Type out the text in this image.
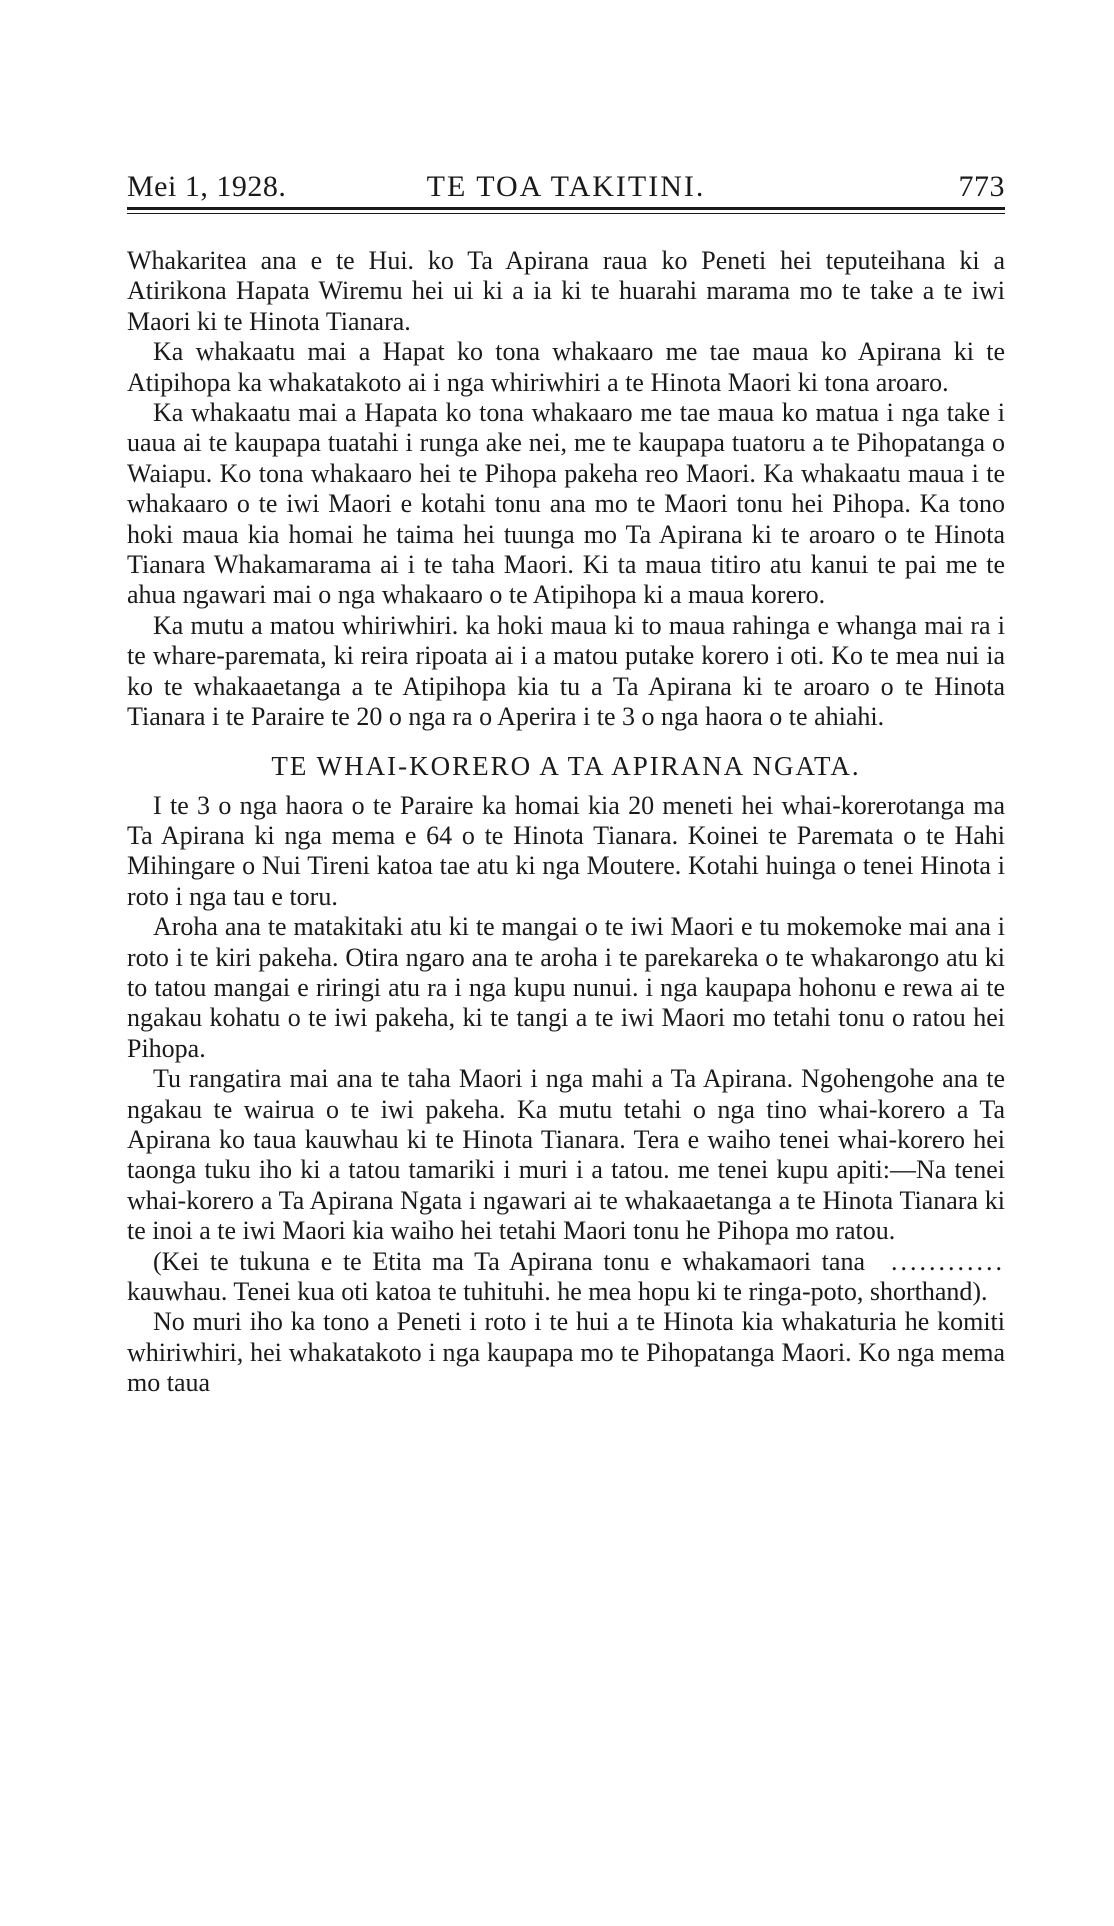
Mei 1, 1928.	TE TOA TAKITINI.	773

Whakaritea ana e te Hui. ko Ta Apirana raua ko Peneti hei teputeihana ki a Atirikona Hapata Wiremu hei ui ki a ia ki te huarahi marama mo te take a te iwi Maori ki te Hinota Tianara.

Ka whakaatu mai a Hapat ko tona whakaaro me tae maua ko Apirana ki te Atipihopa ka whakatakoto ai i nga whiriwhiri a te Hinota Maori ki tona aroaro.

Ka whakaatu mai a Hapata ko tona whakaaro me tae maua ko matua i nga take i uaua ai te kaupapa tuatahi i runga ake nei, me te kaupapa tuatoru a te Pihopatanga o Waiapu. Ko tona whakaaro hei te Pihopa pakeha reo Maori. Ka whakaatu maua i te whakaaro o te iwi Maori e kotahi tonu ana mo te Maori tonu hei Pihopa. Ka tono hoki maua kia homai he taima hei tuunga mo Ta Apirana ki te aroaro o te Hinota Tianara Whakamarama ai i te taha Maori. Ki ta maua titiro atu kanui te pai me te ahua ngawari mai o nga whakaaro o te Atipihopa ki a maua korero.

Ka mutu a matou whiriwhiri. ka hoki maua ki to maua rahinga e whanga mai ra i te whare-paremata, ki reira ripoata ai i a matou putake korero i oti. Ko te mea nui ia ko te whakaaetanga a te Atipihopa kia tu a Ta Apirana ki te aroaro o te Hinota Tianara i te Paraire te 20 o nga ra o Aperira i te 3 o nga haora o te ahiahi.

TE WHAI-KORERO A TA APIRANA NGATA.

I te 3 o nga haora o te Paraire ka homai kia 20 meneti hei whai-korerotanga ma Ta Apirana ki nga mema e 64 o te Hinota Tianara. Koinei te Paremata o te Hahi Mihingare o Nui Tireni katoa tae atu ki nga Moutere. Kotahi huinga o tenei Hinota i roto i nga tau e toru.

Aroha ana te matakitaki atu ki te mangai o te iwi Maori e tu mokemoke mai ana i roto i te kiri pakeha. Otira ngaro ana te aroha i te parekareka o te whakarongo atu ki to tatou mangai e riringi atu ra i nga kupu nunui. i nga kaupapa hohonu e rewa ai te ngakau kohatu o te iwi pakeha, ki te tangi a te iwi Maori mo tetahi tonu o ratou hei Pihopa.

Tu rangatira mai ana te taha Maori i nga mahi a Ta Apirana. Ngohengohe ana te ngakau te wairua o te iwi pakeha. Ka mutu tetahi o nga tino whai-korero a Ta Apirana ko taua kauwhau ki te Hinota Tianara. Tera e waiho tenei whai-korero hei taonga tuku iho ki a tatou tamariki i muri i a tatou. me tenei kupu apiti:—Na tenei whai-korero a Ta Apirana Ngata i ngawari ai te whakaaetanga a te Hinota Tianara ki te inoi a te iwi Maori kia waiho hei tetahi Maori tonu he Pihopa mo ratou.
............

(Kei te tukuna e te Etita ma Ta Apirana tonu e whakamaori tana kauwhau. Tenei kua oti katoa te tuhituhi. he mea hopu ki te ringa-poto, shorthand).

No muri iho ka tono a Peneti i roto i te hui a te Hinota kia whakaturia he komiti whiriwhiri, hei whakatakoto i nga kaupapa mo te Pihopatanga Maori. Ko nga mema mo taua
